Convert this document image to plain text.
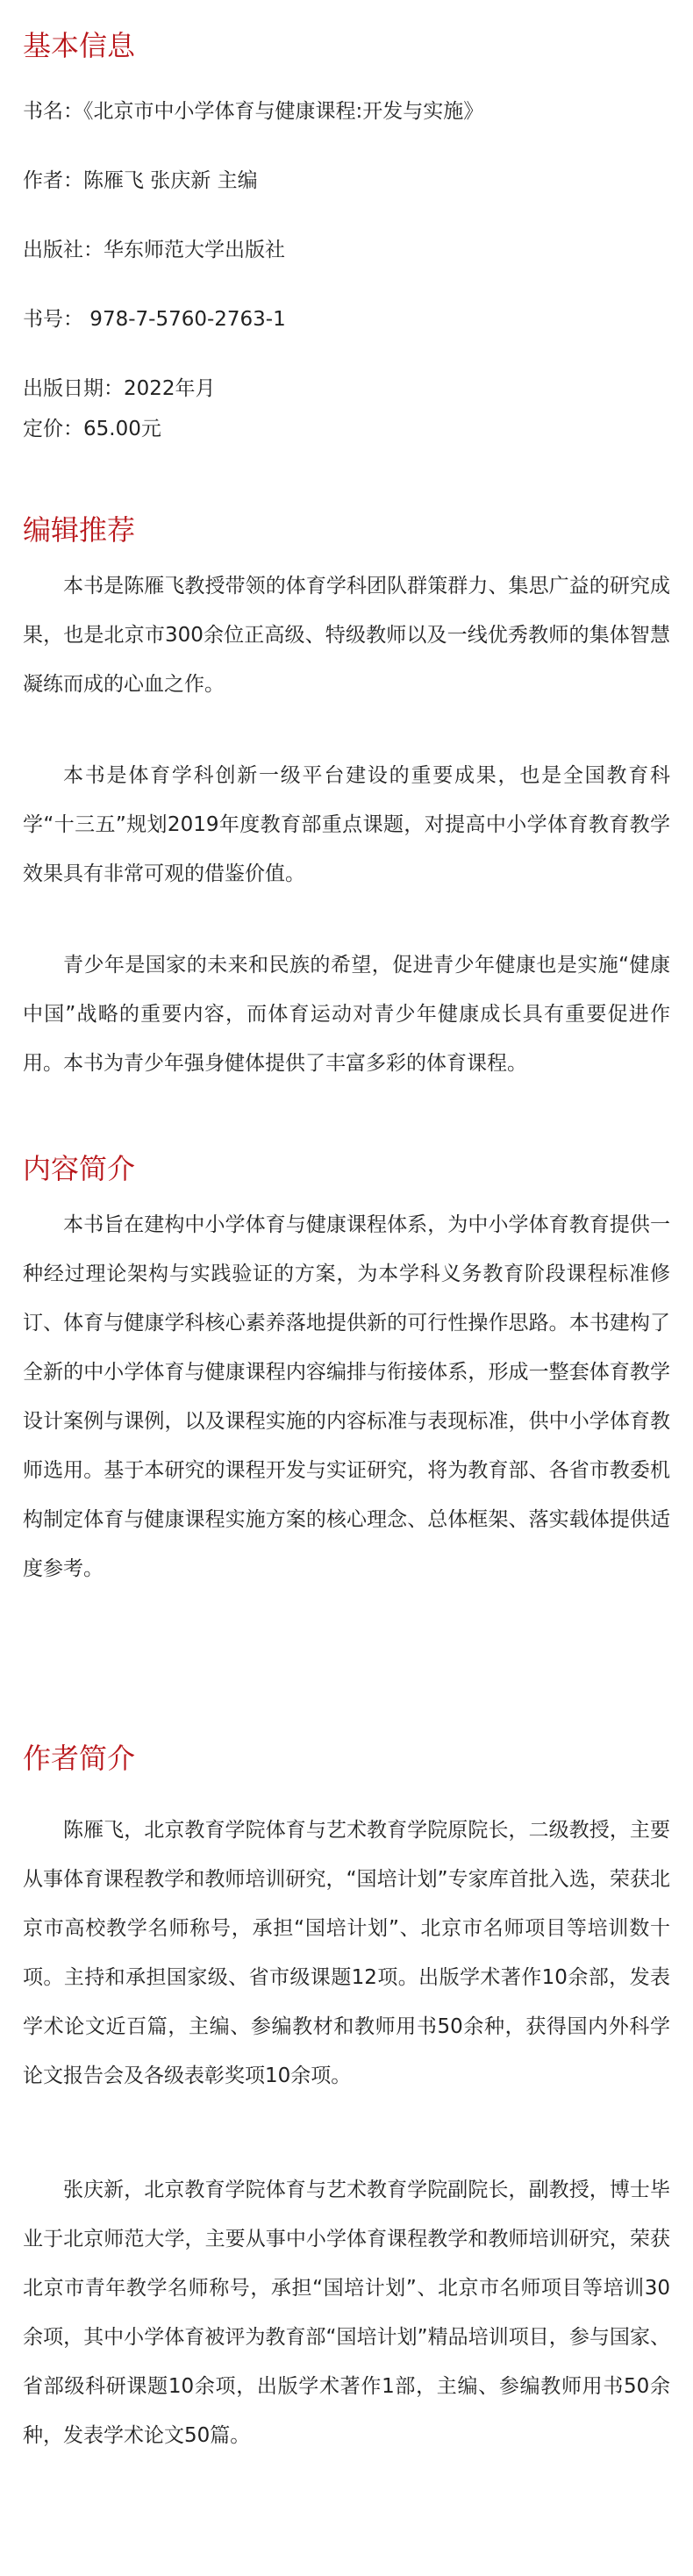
基本信息
书名：《北京市中小学体育与健康课程:开发与实施》
作者：陈雁飞 张庆新 主编
出版社：华东师范大学出版社
书号： 978-7-5760-2763-1
出版日期：2022年月
定价：65.00元
编辑推荐

本书是陈雁飞教授带领的体育学科团队群策群力、集思广益的研究成果，也是北京市300余位正高级、特级教师以及一线优秀教师的集体智慧凝练而成的心血之作。

本书是体育学科创新一级平台建设的重要成果，也是全国教育科学“十三五”规划2019年度教育部重点课题，对提高中小学体育教育教学效果具有非常可观的借鉴价值。

青少年是国家的未来和民族的希望，促进青少年健康也是实施“健康中国”战略的重要内容，而体育运动对青少年健康成长具有重要促进作用。本书为青少年强身健体提供了丰富多彩的体育课程。

内容简介

本书旨在建构中小学体育与健康课程体系，为中小学体育教育提供一种经过理论架构与实践验证的方案，为本学科义务教育阶段课程标准修订、体育与健康学科核心素养落地提供新的可行性操作思路。本书建构了全新的中小学体育与健康课程内容编排与衔接体系，形成一整套体育教学设计案例与课例，以及课程实施的内容标准与表现标准，供中小学体育教师选用。基于本研究的课程开发与实证研究，将为教育部、各省市教委机构制定体育与健康课程实施方案的核心理念、总体框架、落实载体提供适度参考。

作者简介

陈雁飞，北京教育学院体育与艺术教育学院原院长，二级教授，主要从事体育课程教学和教师培训研究，“国培计划”专家库首批入选，荣获北京市高校教学名师称号，承担“国培计划”、北京市名师项目等培训数十项。主持和承担国家级、省市级课题12项。出版学术著作10余部，发表学术论文近百篇，主编、参编教材和教师用书50余种，获得国内外科学论文报告会及各级表彰奖项10余项。

张庆新，北京教育学院体育与艺术教育学院副院长，副教授，博士毕业于北京师范大学，主要从事中小学体育课程教学和教师培训研究，荣获北京市青年教学名师称号，承担“国培计划”、北京市名师项目等培训30余项，其中小学体育被评为教育部“国培计划”精品培训项目，参与国家、省部级科研课题10余项，出版学术著作1部，主编、参编教师用书50余种，发表学术论文50篇。
